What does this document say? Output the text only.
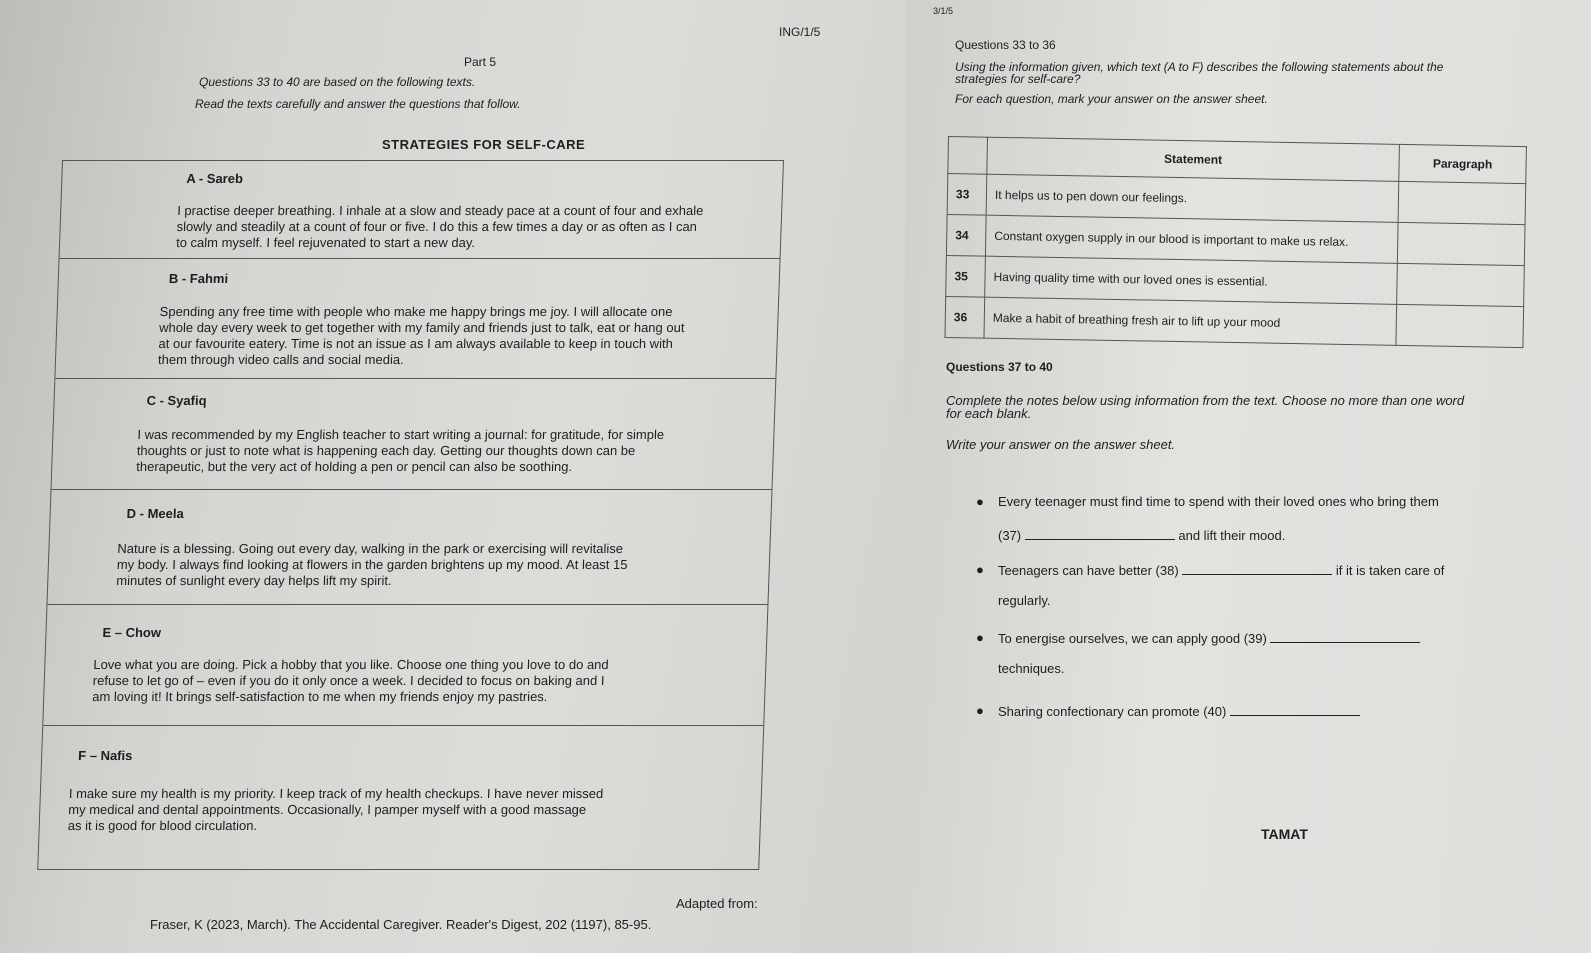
3/1/5
ING/1/5
Part 5
Questions 33 to 40 are based on the following texts.
Read the texts carefully and answer the questions that follow.
STRATEGIES FOR SELF-CARE
A - Sareb
I practise deeper breathing. I inhale at a slow and steady pace at a count of four and exhale
slowly and steadily at a count of four or five. I do this a few times a day or as often as I can
to calm myself. I feel rejuvenated to start a new day.
B - Fahmi
Spending any free time with people who make me happy brings me joy. I will allocate one
whole day every week to get together with my family and friends just to talk, eat or hang out
at our favourite eatery. Time is not an issue as I am always available to keep in touch with
them through video calls and social media.
C - Syafiq
I was recommended by my English teacher to start writing a journal: for gratitude, for simple
thoughts or just to note what is happening each day. Getting our thoughts down can be
therapeutic, but the very act of holding a pen or pencil can also be soothing.
D - Meela
Nature is a blessing. Going out every day, walking in the park or exercising will revitalise
my body. I always find looking at flowers in the garden brightens up my mood. At least 15
minutes of sunlight every day helps lift my spirit.
E – Chow
Love what you are doing. Pick a hobby that you like. Choose one thing you love to do and
refuse to let go of – even if you do it only once a week. I decided to focus on baking and I
am loving it! It brings self-satisfaction to me when my friends enjoy my pastries.
F – Nafis
I make sure my health is my priority. I keep track of my health checkups. I have never missed
my medical and dental appointments. Occasionally, I pamper myself with a good massage
as it is good for blood circulation.
Adapted from:
Fraser, K (2023, March). The Accidental Caregiver. Reader's Digest, 202 (1197), 85-95.
Questions 33 to 36
Using the information given, which text (A to F) describes the following statements about the
strategies for self-care?
For each question, mark your answer on the answer sheet.
	Statement	Paragraph
33	It helps us to pen down our feelings.	
34	Constant oxygen supply in our blood is important to make us relax.	
35	Having quality time with our loved ones is essential.	
36	Make a habit of breathing fresh air to lift up your mood	
Questions 37 to 40
Complete the notes below using information from the text. Choose no more than one word
for each blank.
Write your answer on the answer sheet.
● Every teenager must find time to spend with their loved ones who bring them
(37)	and lift their mood.
● Teenagers can have better (38)	if it is taken care of
regularly.
● To energise ourselves, we can apply good (39)
techniques.
● Sharing confectionary can promote (40)
TAMAT
